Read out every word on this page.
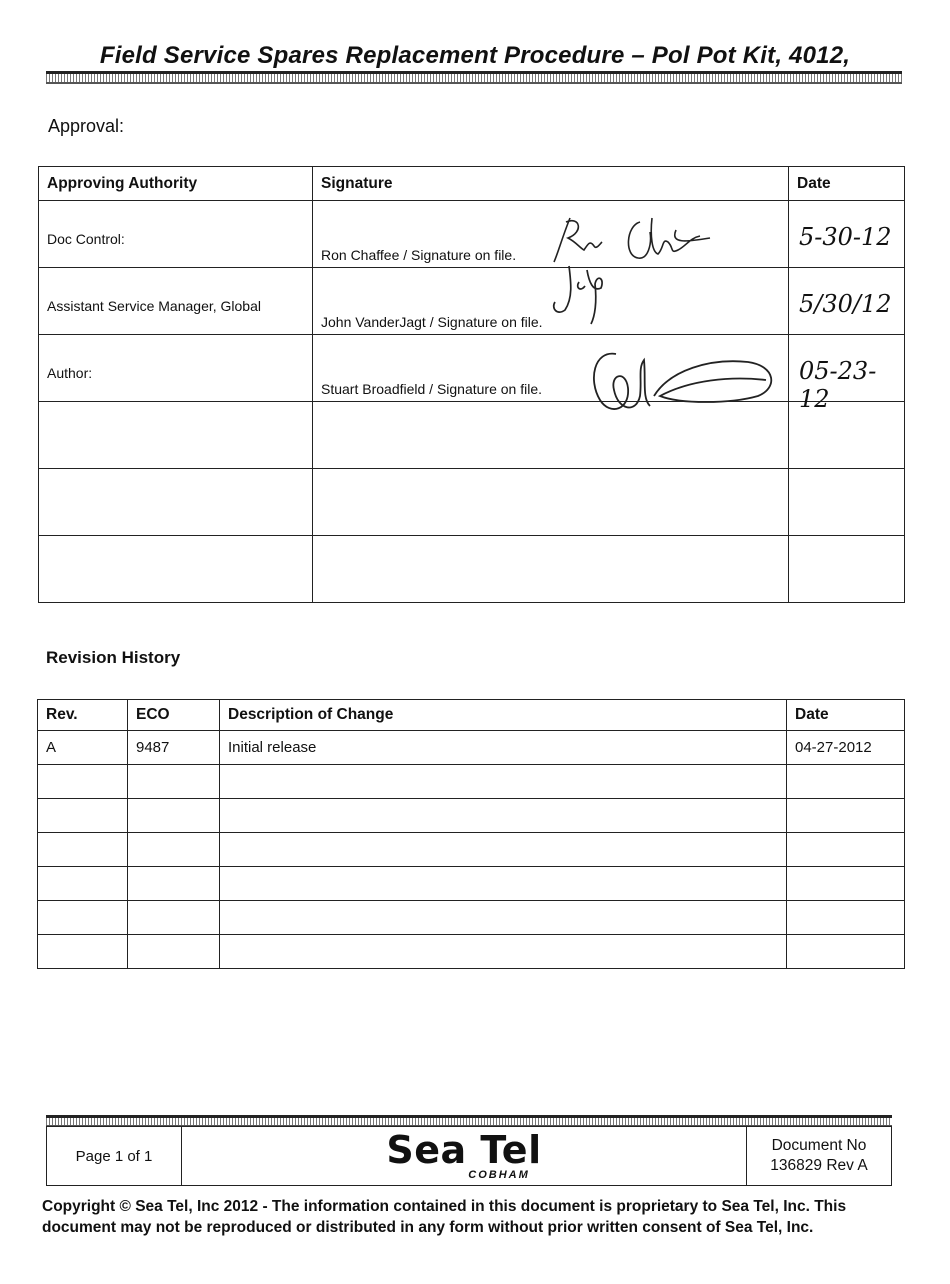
Field Service Spares Replacement Procedure – Pol Pot Kit, 4012,
Approval:
Approving Authority	Signature	Date
Doc Control:	Ron Chaffee / Signature on file.	5-30-12
Assistant Service Manager, Global	John VanderJagt / Signature on file.	5/30/12
Author:	Stuart Broadfield / Signature on file.	05-23-12

Revision History
Rev.	ECO	Description of Change	Date
A	9487	Initial release	04-27-2012

Page 1 of 1	Sea Tel
COBHAM
Document No
136829 Rev A
Copyright © Sea Tel, Inc 2012 - The information contained in this document is proprietary to Sea Tel, Inc. This document may not be reproduced or distributed in any form without prior written consent of Sea Tel, Inc.
